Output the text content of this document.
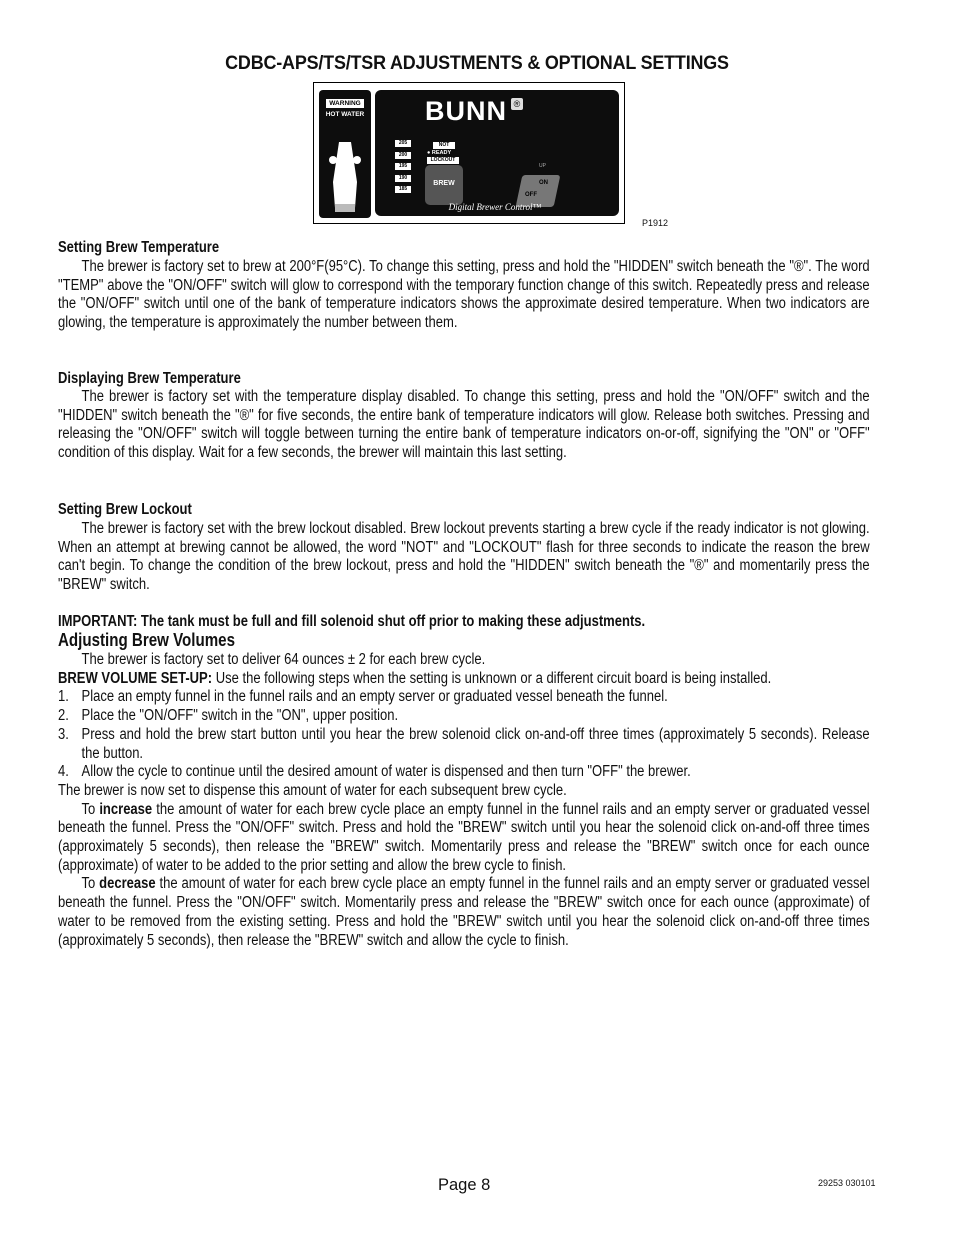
CDBC-APS/TS/TSR ADJUSTMENTS & OPTIONAL SETTINGS
WARNING
HOT WATER BUNN ®
205
200
195
190
185
NOT
● READY
LOCKOUT
BREW
UP
ON
OFF
Digital Brewer Control™
P1912
Setting Brew Temperature
The brewer is factory set to brew at 200°F(95°C). To change this setting, press and hold the "HIDDEN" switch beneath the "®". The word "TEMP" above the "ON/OFF" switch will glow to correspond with the temporary function change of this switch. Repeatedly press and release the "ON/OFF" switch until one of the bank of temperature indicators shows the approximate desired temperature. When two indicators are glowing, the temperature is approximately the number between them.
Displaying Brew Temperature
The brewer is factory set with the temperature display disabled. To change this setting, press and hold the "ON/OFF" switch and the "HIDDEN" switch beneath the "®" for five seconds, the entire bank of temperature indicators will glow. Release both switches. Pressing and releasing the "ON/OFF" switch will toggle between turning the entire bank of temperature indicators on-or-off, signifying the "ON" or "OFF" condition of this display. Wait for a few seconds, the brewer will maintain this last setting.
Setting Brew Lockout
The brewer is factory set with the brew lockout disabled. Brew lockout prevents starting a brew cycle if the ready indicator is not glowing. When an attempt at brewing cannot be allowed, the word "NOT" and "LOCKOUT" flash for three seconds to indicate the reason the brew can't begin. To change the condition of the brew lockout, press and hold the "HIDDEN" switch beneath the "®" and momentarily press the "BREW" switch.
IMPORTANT: The tank must be full and fill solenoid shut off prior to making these adjustments.
Adjusting Brew Volumes
The brewer is factory set to deliver 64 ounces ± 2 for each brew cycle.
BREW VOLUME SET-UP: Use the following steps when the setting is unknown or a different circuit board is being installed.
1. Place an empty funnel in the funnel rails and an empty server or graduated vessel beneath the funnel.
2. Place the "ON/OFF" switch in the "ON", upper position.
3. Press and hold the brew start button until you hear the brew solenoid click on-and-off three times (approximately 5 seconds). Release the button.
4. Allow the cycle to continue until the desired amount of water is dispensed and then turn "OFF" the brewer.
The brewer is now set to dispense this amount of water for each subsequent brew cycle.
To increase the amount of water for each brew cycle place an empty funnel in the funnel rails and an empty server or graduated vessel beneath the funnel. Press the "ON/OFF" switch. Press and hold the "BREW" switch until you hear the solenoid click on-and-off three times (approximately 5 seconds), then release the "BREW" switch. Momentarily press and release the "BREW" switch once for each ounce (approximate) of water to be added to the prior setting and allow the brew cycle to finish.
To decrease the amount of water for each brew cycle place an empty funnel in the funnel rails and an empty server or graduated vessel beneath the funnel. Press the "ON/OFF" switch. Momentarily press and release the "BREW" switch once for each ounce (approximate) of water to be removed from the existing setting. Press and hold the "BREW" switch until you hear the solenoid click on-and-off three times (approximately 5 seconds), then release the "BREW" switch and allow the cycle to finish.
Page 8	29253 030101
